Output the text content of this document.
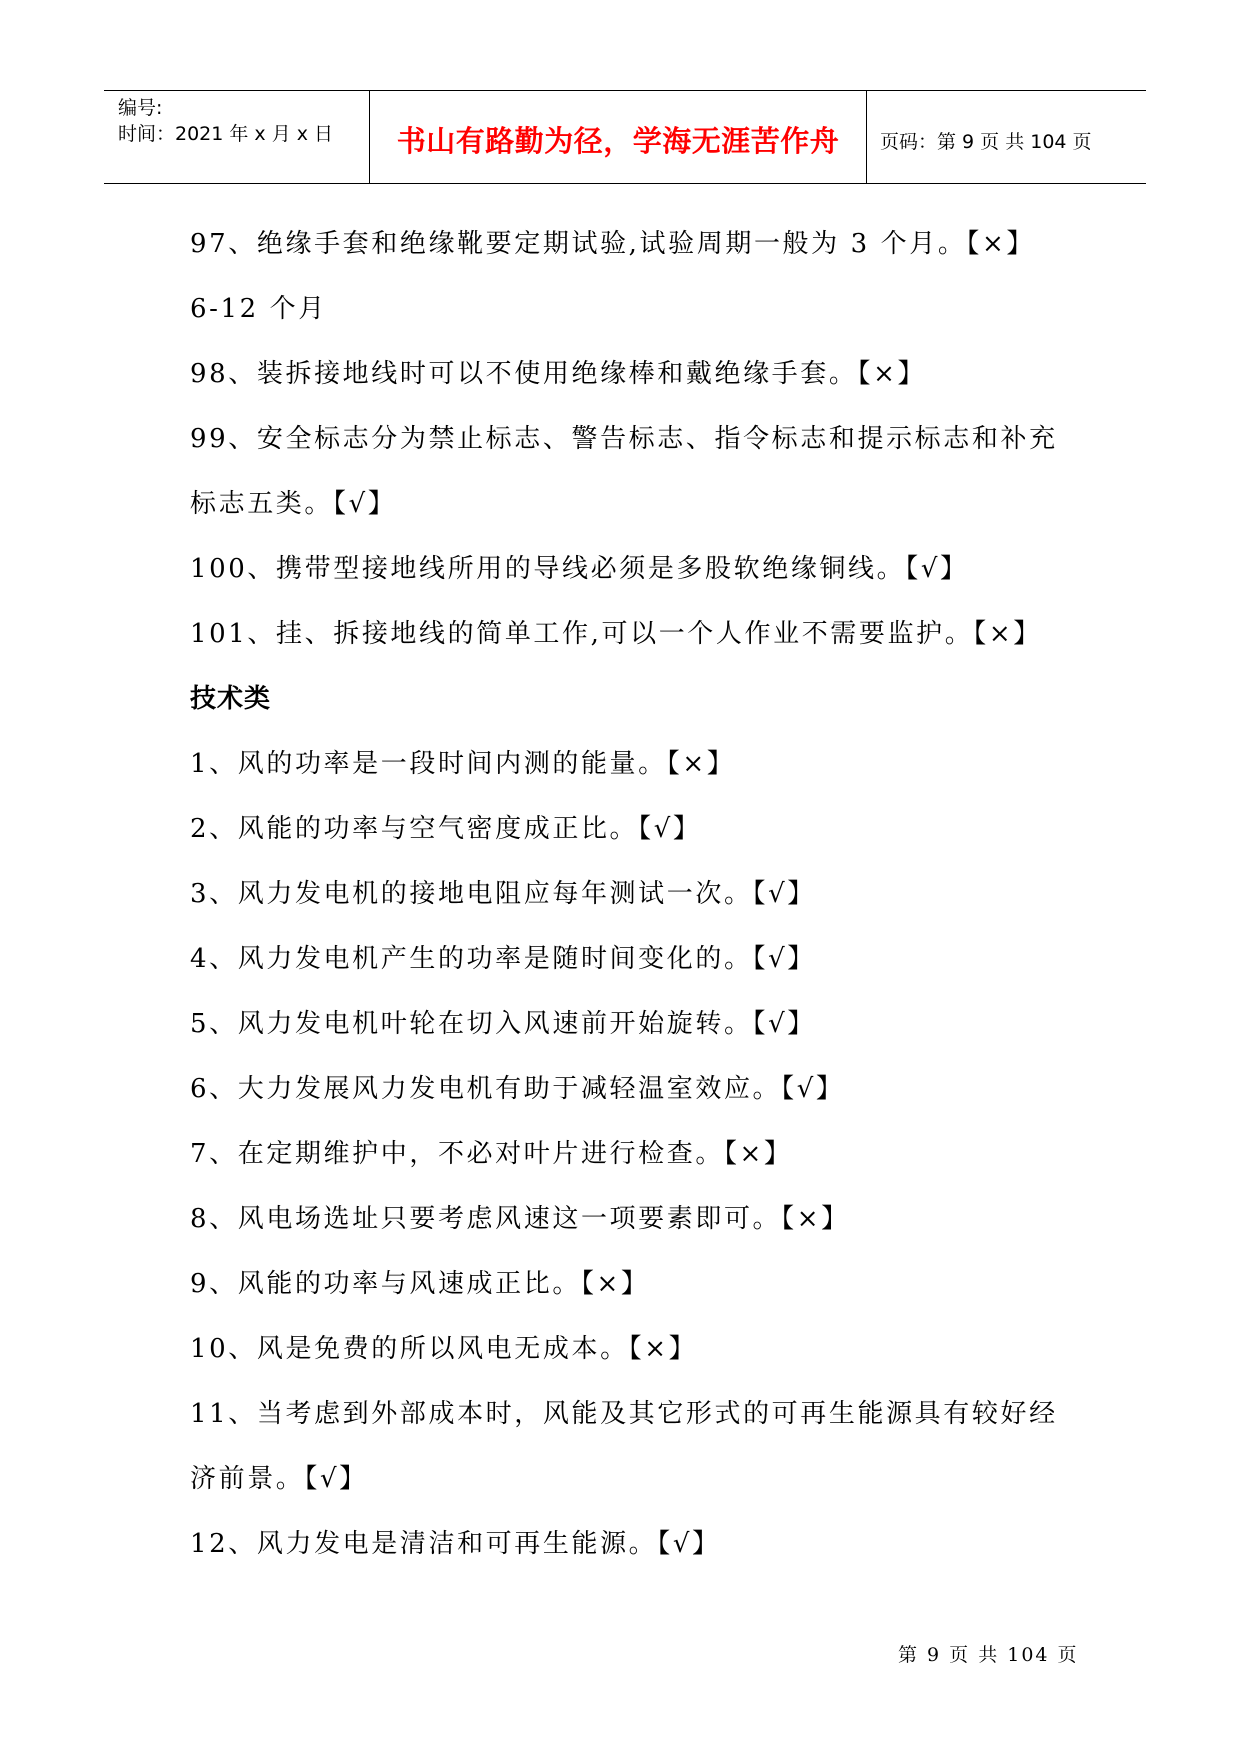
编号:
时间：2021 年 x 月 x 日	书山有路勤为径，学海无涯苦作舟	页码：第 9 页 共 104 页
97、绝缘手套和绝缘靴要定期试验,试验周期一般为 3 个月。【×】
6-12 个月
98、装拆接地线时可以不使用绝缘棒和戴绝缘手套。【×】
99、安全标志分为禁止标志、警告标志、指令标志和提示标志和补充
标志五类。【√】
100、携带型接地线所用的导线必须是多股软绝缘铜线。【√】
101、挂、拆接地线的简单工作,可以一个人作业不需要监护。【×】
技术类
1、风的功率是一段时间内测的能量。【×】
2、风能的功率与空气密度成正比。【√】
3、风力发电机的接地电阻应每年测试一次。【√】
4、风力发电机产生的功率是随时间变化的。【√】
5、风力发电机叶轮在切入风速前开始旋转。【√】
6、大力发展风力发电机有助于减轻温室效应。【√】
7、在定期维护中，不必对叶片进行检查。【×】
8、风电场选址只要考虑风速这一项要素即可。【×】
9、风能的功率与风速成正比。【×】
10、风是免费的所以风电无成本。【×】
11、当考虑到外部成本时，风能及其它形式的可再生能源具有较好经
济前景。【√】
12、风力发电是清洁和可再生能源。【√】
第 9 页 共 104 页
